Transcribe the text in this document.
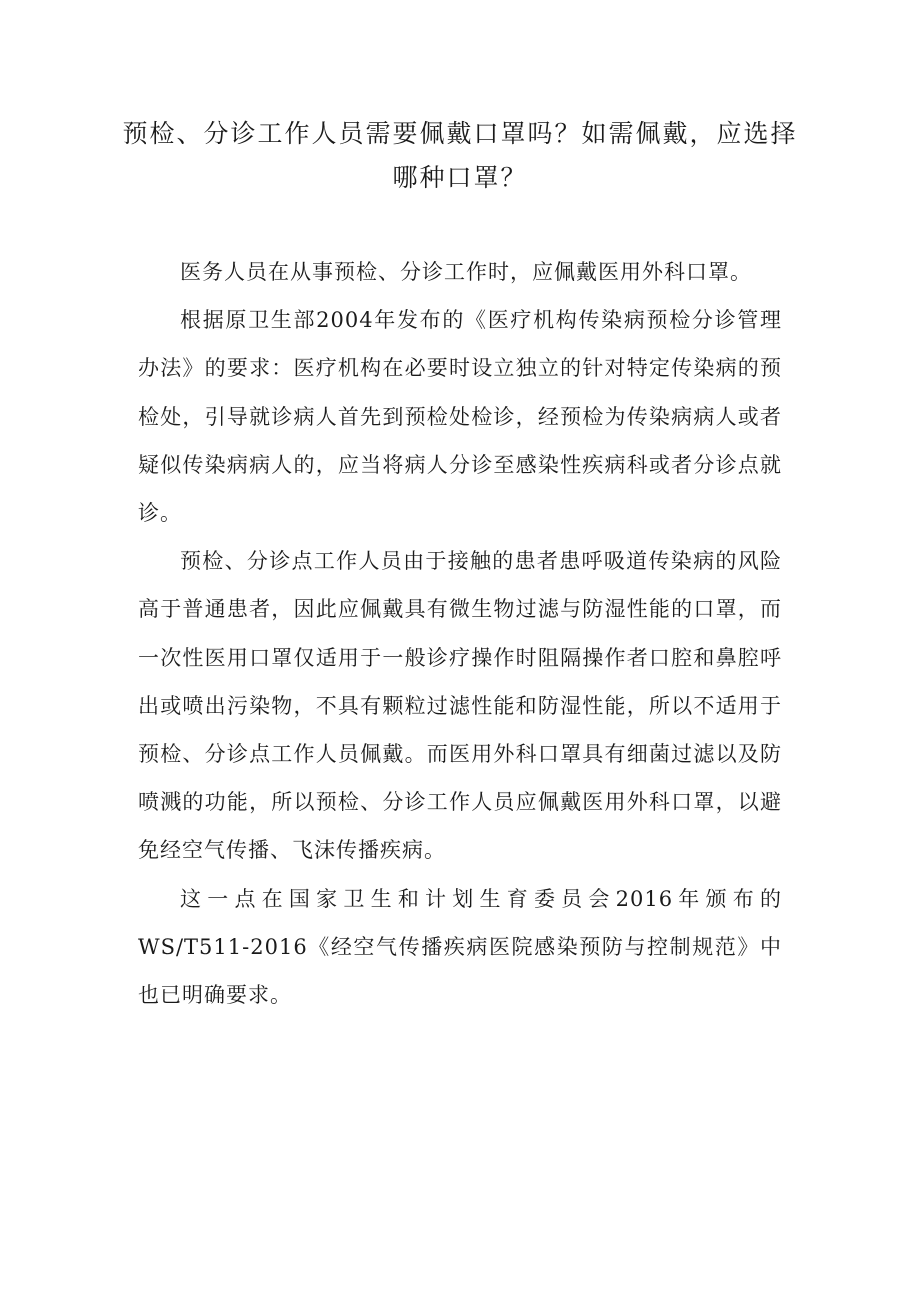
预检、分诊工作人员需要佩戴口罩吗？如需佩戴，应选择哪种口罩？

医务人员在从事预检、分诊工作时，应佩戴医用外科口罩。

根据原卫生部2004年发布的《医疗机构传染病预检分诊管理办法》的要求：医疗机构在必要时设立独立的针对特定传染病的预检处，引导就诊病人首先到预检处检诊，经预检为传染病病人或者疑似传染病病人的，应当将病人分诊至感染性疾病科或者分诊点就诊。

预检、分诊点工作人员由于接触的患者患呼吸道传染病的风险高于普通患者，因此应佩戴具有微生物过滤与防湿性能的口罩，而一次性医用口罩仅适用于一般诊疗操作时阻隔操作者口腔和鼻腔呼出或喷出污染物，不具有颗粒过滤性能和防湿性能，所以不适用于预检、分诊点工作人员佩戴。而医用外科口罩具有细菌过滤以及防喷溅的功能，所以预检、分诊工作人员应佩戴医用外科口罩，以避免经空气传播、飞沫传播疾病。

这一点在国家卫生和计划生育委员会2016年颁布的WS/T511-2016《经空气传播疾病医院感染预防与控制规范》中也已明确要求。
